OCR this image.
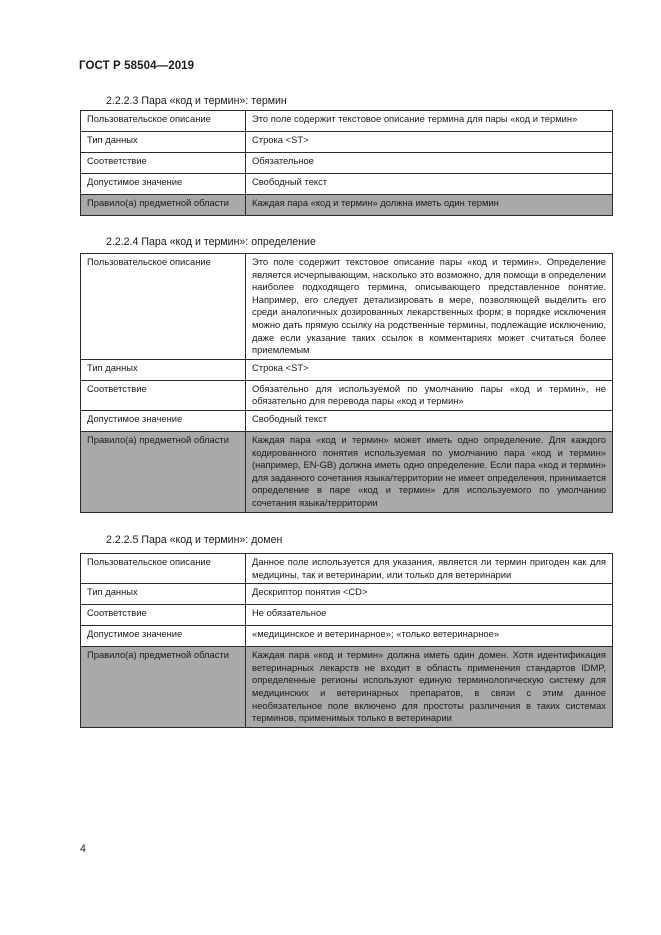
ГОСТ Р 58504—2019
2.2.2.3 Пара «код и термин»: термин
Пользовательское описание	Это поле содержит текстовое описание термина для пары «код и термин»
Тип данных	Строка <ST>
Соответствие	Обязательное
Допустимое значение	Свободный текст
Правило(а) предметной области	Каждая пара «код и термин» должна иметь один термин
2.2.2.4 Пара «код и термин»: определение
Пользовательское описание	Это поле содержит текстовое описание пары «код и термин». Определение является исчерпывающим, насколько это возможно, для помощи в определении наиболее подходящего термина, описывающего представленное понятие. Например, его следует детализировать в мере, позволяющей выделить его среди аналогичных дозированных лекарственных форм; в порядке исключения можно дать прямую ссылку на родственные термины, подлежащие исключению, даже если указание таких ссылок в комментариях может считаться более приемлемым
Тип данных	Строка <ST>
Соответствие	Обязательно для используемой по умолчанию пары «код и термин», не обязательно для перевода пары «код и термин»
Допустимое значение	Свободный текст
Правило(а) предметной области	Каждая пара «код и термин» может иметь одно определение. Для каждого кодированного понятия используемая по умолчанию пара «код и термин» (например, EN-GB) должна иметь одно определение. Если пара «код и термин» для заданного сочетания языка/территории не имеет определения, принимается определение в паре «код и термин» для используемого по умолчанию сочетания языка/территории
2.2.2.5 Пара «код и термин»: домен
Пользовательское описание	Данное поле используется для указания, является ли термин пригоден как для медицины, так и ветеринарии, или только для ветеринарии
Тип данных	Дескриптор понятия <CD>
Соответствие	Не обязательное
Допустимое значение	«медицинское и ветеринарное»; «только ветеринарное»
Правило(а) предметной области	Каждая пара «код и термин» должна иметь один домен. Хотя идентификация ветеринарных лекарств не входит в область применения стандартов IDMP, определенные регионы используют единую терминологическую систему для медицинских и ветеринарных препаратов, в связи с этим данное необязательное поле включено для простоты различения в таких системах терминов, применимых только в ветеринарии
4
